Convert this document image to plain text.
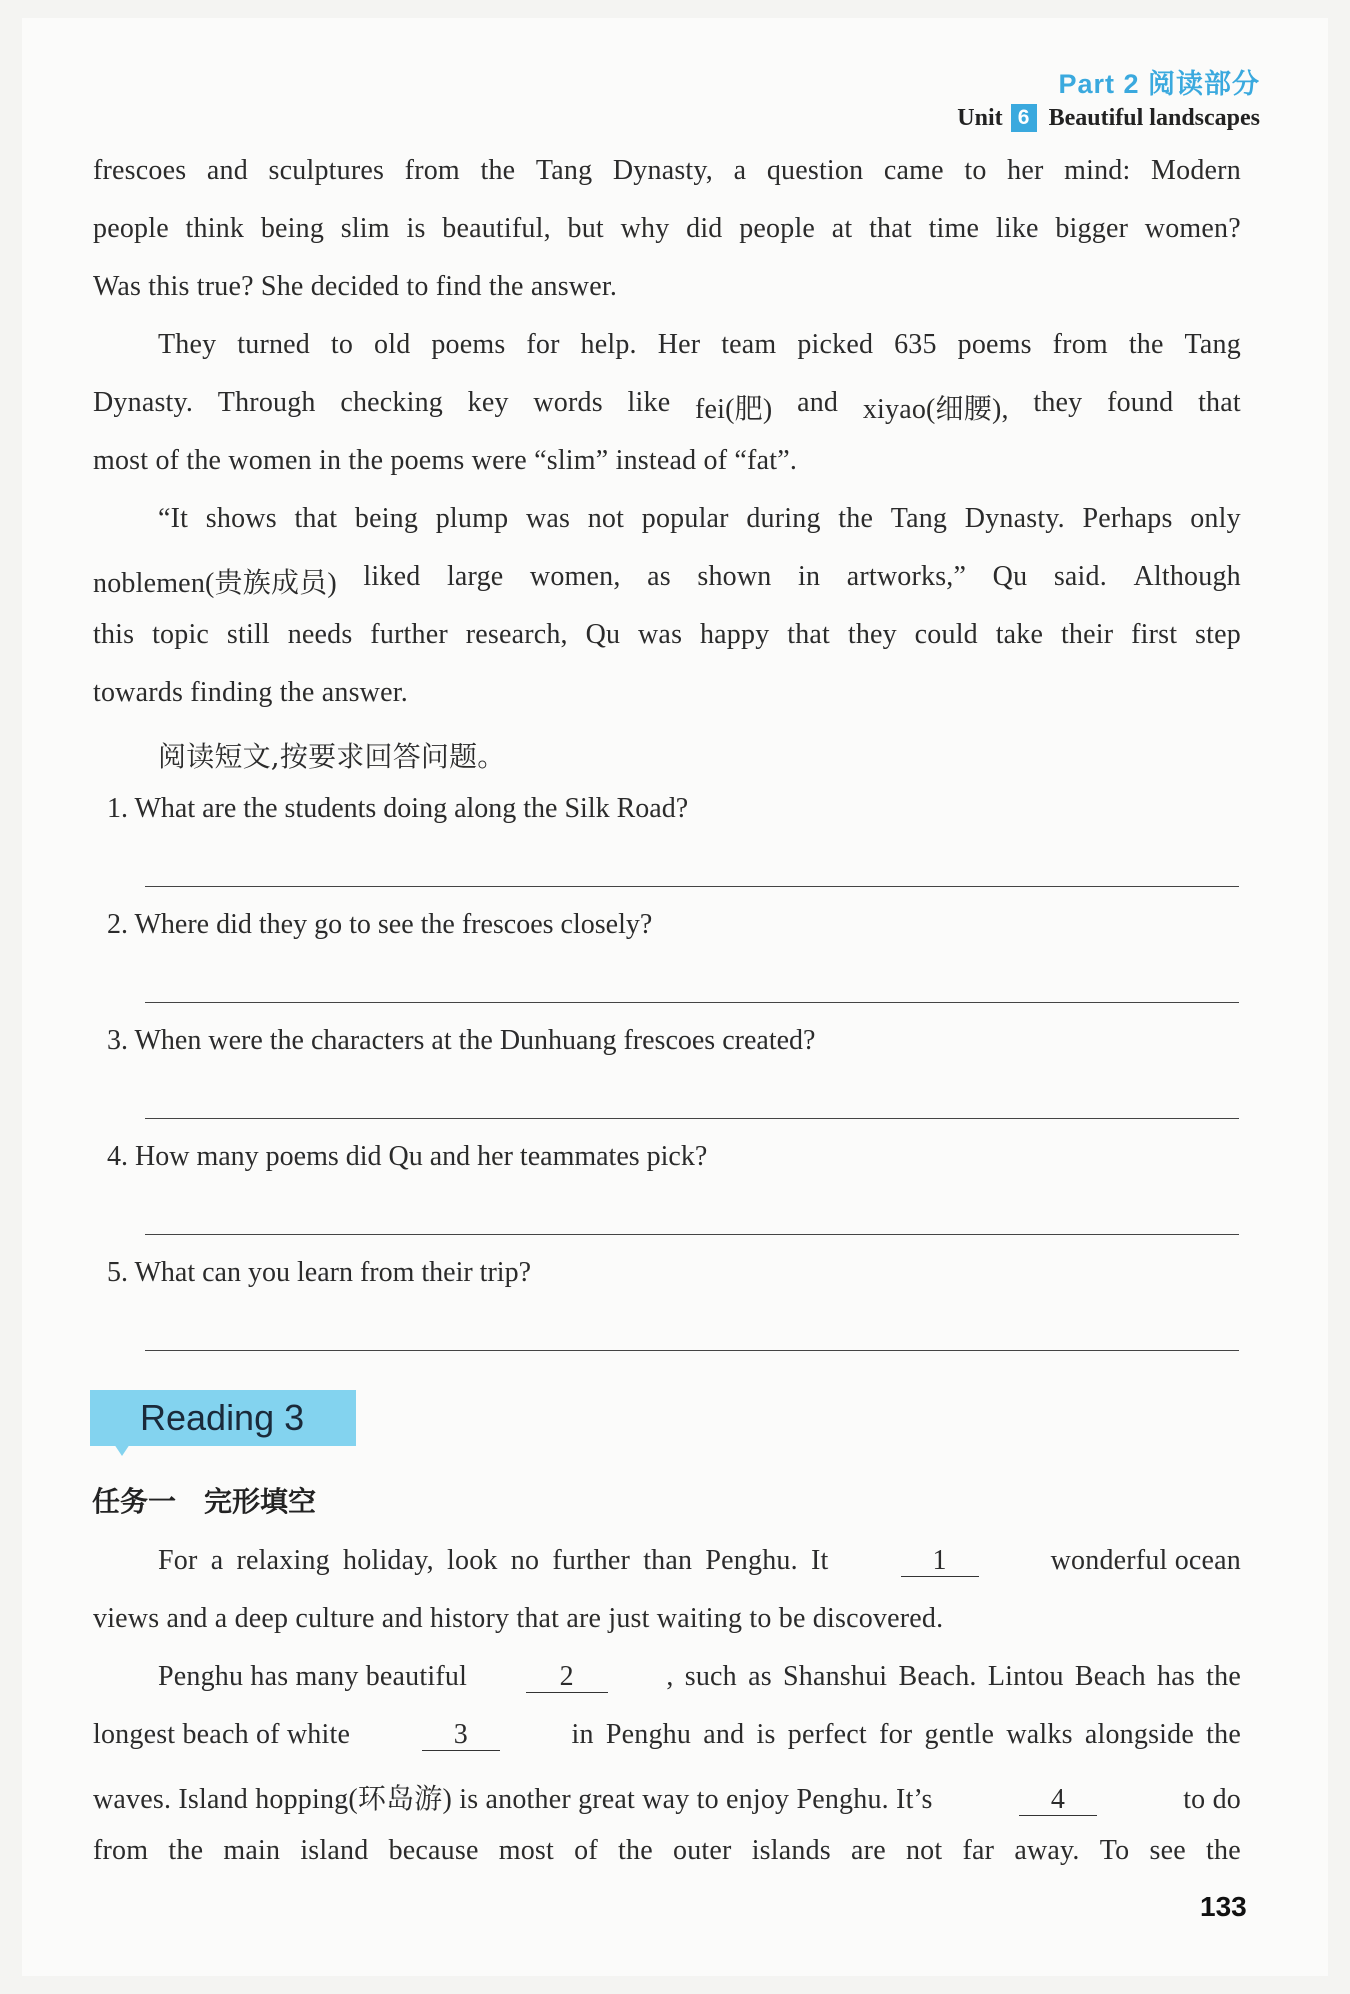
Part 2 阅读部分
Unit 6 Beautiful landscapes
frescoes and sculptures from the Tang Dynasty, a question came to her mind: Modern
people think being slim is beautiful, but why did people at that time like bigger women?
Was this true? She decided to find the answer.
They turned to old poems for help. Her team picked 635 poems from the Tang
Dynasty. Through checking key words like fei(肥) and xiyao(细腰), they found that
most of the women in the poems were “slim” instead of “fat”.
“It shows that being plump was not popular during the Tang Dynasty. Perhaps only
noblemen(贵族成员) liked large women, as shown in artworks,” Qu said. Although
this topic still needs further research, Qu was happy that they could take their first step
towards finding the answer.
阅读短文,按要求回答问题。
1. What are the students doing along the Silk Road?
2. Where did they go to see the frescoes closely?
3. When were the characters at the Dunhuang frescoes created?
4. How many poems did Qu and her teammates pick?
5. What can you learn from their trip?
Reading 3
任务一　完形填空
For a relaxing holiday, look no further than Penghu. It	1	wonderful ocean
views and a deep culture and history that are just waiting to be discovered.
Penghu has many beautiful	2	, such as Shanshui Beach. Lintou Beach has the
longest beach of white	3	in Penghu and is perfect for gentle walks alongside the
waves. Island hopping(环岛游) is another great way to enjoy Penghu. It’s	4	to do
from the main island because most of the outer islands are not far away. To see the
133
